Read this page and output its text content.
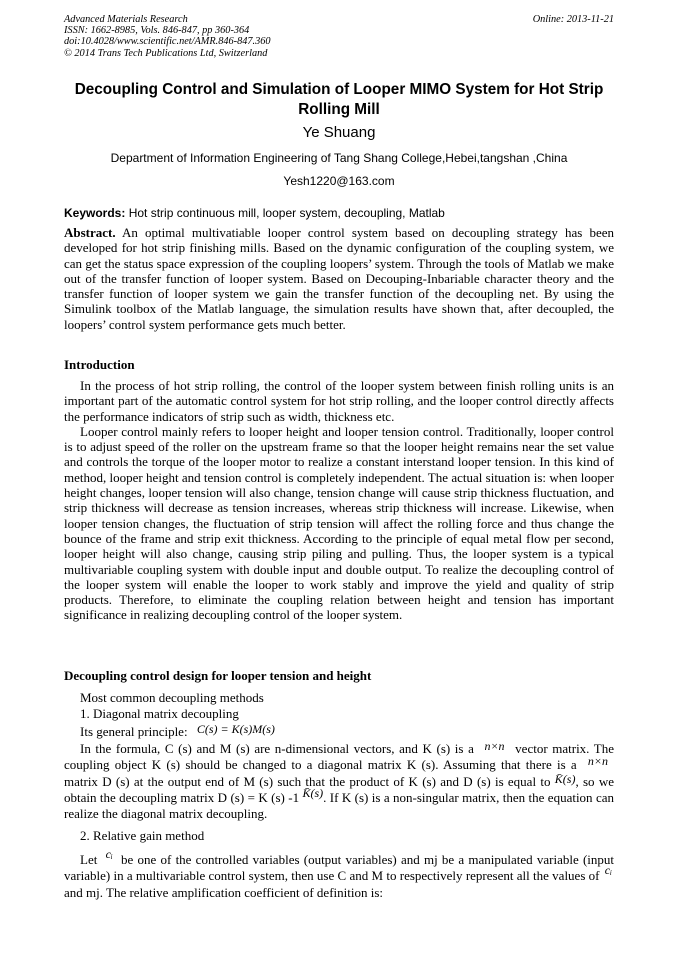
Advanced Materials Research
ISSN: 1662-8985, Vols. 846-847, pp 360-364
doi:10.4028/www.scientific.net/AMR.846-847.360
© 2014 Trans Tech Publications Ltd, Switzerland
Online: 2013-11-21
Decoupling Control and Simulation of Looper MIMO System for Hot Strip Rolling Mill
Ye Shuang
Department of Information Engineering of Tang Shang College,Hebei,tangshan ,China
Yesh1220@163.com
Keywords: Hot strip continuous mill, looper system, decoupling, Matlab

Abstract. An optimal multivatiable looper control system based on decoupling strategy has been developed for hot strip finishing mills. Based on the dynamic configuration of the coupling system, we can get the status space expression of the coupling loopers’ system. Through the tools of Matlab we make out of the transfer function of looper system. Based on Decouping-Inbariable character theory and the transfer function of looper system we gain the transfer function of the decoupling net. By using the Simulink toolbox of the Matlab language, the simulation results have shown that, after decoupled, the loopers’ control system performance gets much better.

Introduction

In the process of hot strip rolling, the control of the looper system between finish rolling units is an important part of the automatic control system for hot strip rolling, and the looper control directly affects the performance indicators of strip such as width, thickness etc.

Looper control mainly refers to looper height and looper tension control. Traditionally, looper control is to adjust speed of the roller on the upstream frame so that the looper height remains near the set value and controls the torque of the looper motor to realize a constant interstand looper tension. In this kind of method, looper height and tension control is completely independent. The actual situation is: when looper height changes, looper tension will also change, tension change will cause strip thickness fluctuation, and strip thickness will decrease as tension increases, whereas strip thickness will increase. Likewise, when looper tension changes, the fluctuation of strip tension will affect the rolling force and thus change the bounce of the frame and strip exit thickness. According to the principle of equal metal flow per second, looper height will also change, causing strip piling and pulling. Thus, the looper system is a typical multivariable coupling system with double input and double output. To realize the decoupling control of the looper system will enable the looper to work stably and improve the yield and quality of strip products. Therefore, to eliminate the coupling relation between height and tension has important significance in realizing decoupling control of the looper system.

Decoupling control design for looper tension and height
Most common decoupling methods
1. Diagonal matrix decoupling
Its general principle: C(s) = K(s)M(s)

In the formula, C (s) and M (s) are n-dimensional vectors, and K (s) is a n×n vector matrix. The coupling object K (s) should be changed to a diagonal matrix K (s). Assuming that there is a n×n matrix D (s) at the output end of M (s) such that the product of K (s) and D (s) is equal to K̄(s), so we obtain the decoupling matrix D (s) = K (s) -1 K̄(s). If K (s) is a non-singular matrix, then the equation can realize the diagonal matrix decoupling.

2. Relative gain method

Let cᵢ be one of the controlled variables (output variables) and mj be a manipulated variable (input variable) in a multivariable control system, then use C and M to respectively represent all the values of cᵢ and mj. The relative amplification coefficient of definition is:
